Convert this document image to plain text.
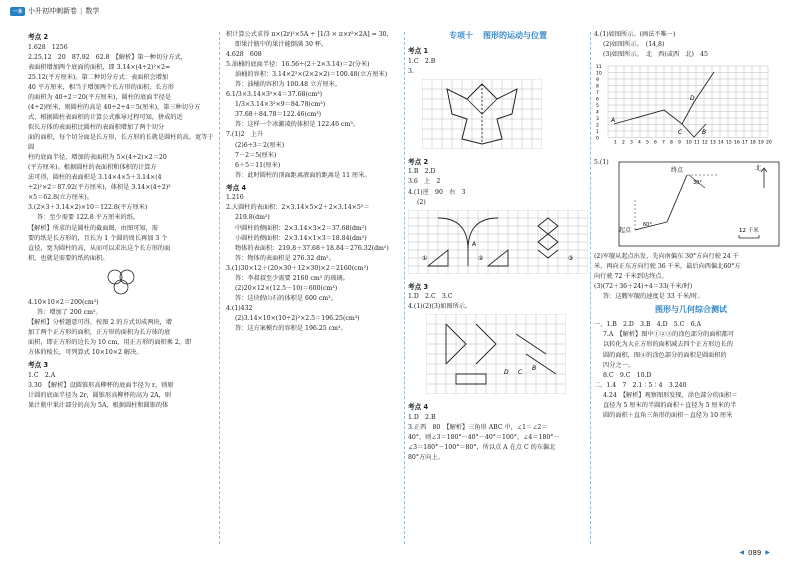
一本 小升初冲刺新卷 | 数学
考点 2
1.628　1256
2.25.12　20　87.92　62.8　【解析】第一种切分方式，
表面积增加两个底面的面积，即 3.14×(4÷2)²×2=
25.12(平方厘米)。第二种切分方式：表面积会增加
40 平方厘米，相当于增加两个长方形的面积，长方形
的面积为 40÷2＝20(平方厘米)，圆柱的底面半径是
(4÷2)厘米，则圆柱的高是 40÷2÷4＝5(厘米)，第三种切分方
式，根据圆柱表面积的计算公式推导过程可知，拼成的近
似长方体的表面积比圆柱的表面积增加了两个切分
面的面积，每个切分面是长方形，长方形的长就是圆柱的高，宽等于圆
柱的底面半径，增加的表面积为 5×(4÷2)×2＝20
(平方厘米)。根据圆柱的表面积和体积的计算方
法可得，圆柱的表面积是 3.14×4×5＋3.14×(4
÷2)²×2＝87.92(平方厘米)，体积是 3.14×(4÷2)²
×5＝62.8(立方厘米)。
3.(2×3＋3.14×2)×10＝122.8(平方厘米)
答：至少需要 122.8 平方厘米的纸。
【解析】所求的是圆柱的截面图，由图可知，需
要的纸是长方形的，且长为 1 个圆的周长再加 3 个
直径，宽为圆柱的高，从而可以求出这个长方形的面
积，也就是需要的纸的面积。
4.10×10×2＝200(cm²)
答：增加了 200 cm²。
【解析】分析题意可得，按图 2 的方式切成两块，增
加了两个正方形的面积，正方形的面积为长方体的底
面积，即正方形的边长为 10 cm，用正方形的面积乘 2，即
方体的棱长，可列算式 10×10×2 解决。
考点 3
1.C　2.A
3.30　【解析】设圆锥形高柳杯的底面半径为 r，则原
计圆的底面半径为 2r，圆锥形高柳杯的高为 2A，则
果汁瓶中果汁部分的高为 5A，根据圆柱和圆锥的体
积计算公式求得 π×(2r)²×5A ÷ [1/3 × π×r²×2A] = 30，
即果汁瓶中的果汁能倒满 30 杯。
4.628　608
5.油桶的底面半径：16.56÷(2＋2×3.14)＝2(分米)
油桶的容积：3.14×2²×(2×2×2)＝100.48(立方厘米)
答：油桶的容积为 100.48 立方厘米。
6.1/3×3.14×3²×4＝37.68(cm³)
1/3×3.14×3²×9＝84.78(cm³)
37.68＋84.78＝122.46(cm³)
答：这样一个冰激凌的体积是 122.46 cm³。
7.(1)2　上升
(2)6÷3＝2(厘米)
7－2＝5(厘米)
6＋5＝11(厘米)
答：此时圆柱的顶面距离液面的距离是 11 厘米。
考点 4
1.216
2.大圆柱的表面积：2×3.14×5×2＋2×3.14×5²＝
219.8(dm²)
中圆柱的侧面积：2×3.14×3×2＝37.68(dm²)
小圆柱的侧面积：2×3.14×1×3＝18.84(dm²)
物体的表面积：219.8＋37.68＋18.84＝276.32(dm²)
答：物体的表面积是 276.32 dm²。
3.(1)30×12＋(20×30＋12×30)×2＝2160(cm²)
答：李叔叔至少需要 2160 cm² 的玻璃。
(2)20×12×(12.5－10)＝600(cm³)
答：这块假山石的体积是 600 cm³。
4.(1)432
(2)3.14×10×(10÷2)²×2.5＝196.25(cm³)
答：这方案模台的容积是 196.25 cm³。
专项十 图形的运动与位置
考点 1
1.C　2.B
3.
考点 2
1.B　2.D
3.6　上　2
4.(1)逆　90　右　3
(2)
①	②	③
A
考点 3
1.D　2.C　3.C
4.(1)(2)(3)如图所示。
D C
B
考点 4
1.D　2.B
3.正西　80　【解析】三角形 ABC 中，∠1＝∠2＝
40°，则∠3＝180°－40°－40°＝100°，∠4＝180°－
∠3＝180°－100°＝80°，所以点 A 在点 C 的东偏北
80°方向上。
4.(1)如图所示。(画法不唯一)
(2)如图所示。　(14,8)
(3)如图所示。　北　西(或西　北)　45
11
10
9
8
7
6
5
4
3
2
1
0
1 2 3 4 5 6 7 8 9 10 11 12 13 14 15 16 17 18 19 20
A
D
C	B
5.(1)
终点	北
30°
起点
60°
12 千米
(2)军舰从起点出发，先向南偏东 30°方向行驶 24 千
米，再向正东方向行驶 36 千米，最后向西偏北60°方
向行驶 72 千米到达终点。
(3)(72＋36＋24)÷4＝33(千米/时)
答：这艘军舰的速度是 33 千米/时。
图形与几何综合测试
一、1.B　2.D　3.B　4.D　5.C　6.A
7.A　【解析】图中①②③的涂色部分的面积都可
以转化为大正方形的面积减去四个正方形边长的
圆的面积，图④的涂色部分的面积是圆面积的
四分之一。
8.C　9.C　10.D
二、1.4　7　2.1∶5∶4　3.240
4.24　【解析】观察图形发现，涂色部分的面积＝
直径为 5 厘米的半圆的面积＋直径为 5 厘米的半
圆的面积＋直角三角形的面积－直径为 10 厘米
◀ 089 ▶
